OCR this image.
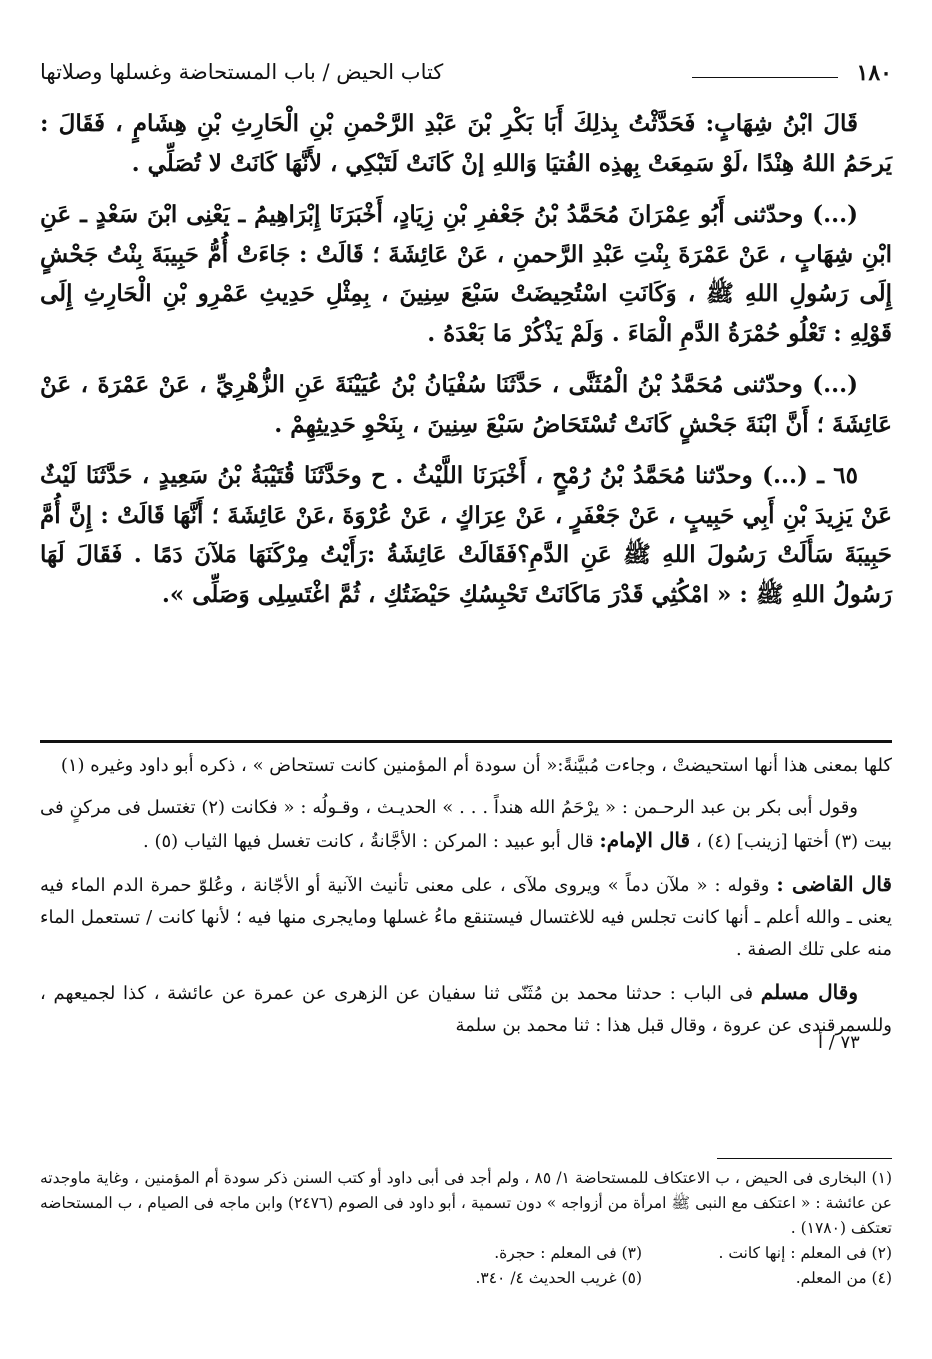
١٨٠
كتاب الحيض / باب المستحاضة وغسلها وصلاتها

قَالَ ابْنُ شِهَابٍ: فَحَدَّثْتُ بِذلِكَ أَبَا بَكْرِ بْنَ عَبْدِ الرَّحْمنِ بْنِ الْحَارِثِ بْنِ هِشَامٍ ، فَقَالَ : يَرحَمُ اللهُ هِنْدًا ،لَوْ سَمِعَتْ بِهذِه الفُتيَا وَاللهِ إنْ كَانَتْ لَتَبْكِي ، لأَنَّهَا كَانَتْ لا تُصَلِّي .

(...) وحدّثنى أَبُو عِمْرَانَ مُحَمَّدُ بْنُ جَعْفرِ بْنِ زِيَادٍ، أَخْبَرَنَا إِبْرَاهِيمُ ـ يَعْنِى ابْنَ سَعْدٍ ـ عَنِ ابْنِ شِهَابٍ ، عَنْ عَمْرَةَ بِنْتِ عَبْدِ الرَّحمنِ ، عَنْ عَائِشَةَ ؛ قَالَتْ : جَاءَتْ أُمُّ حَبِيبَةَ بِنْتُ جَحْشٍ إِلَى رَسُولِ اللهِ ﷺ ، وَكَانَتِ اسْتُحِيضَتْ سَبْعَ سِنِينَ ، بِمِثْلِ حَدِيثِ عَمْرِو بْنِ الْحَارِثِ إِلَى قَوْلِهِ : تَعْلُو حُمْرَةُ الدَّمِ الْمَاءَ . وَلَمْ يَذْكُرْ مَا بَعْدَهُ .

(...) وحدّثنى مُحَمَّدُ بْنُ الْمُثَنَّى ، حَدَّثَنَا سُفْيَانُ بْنُ عُيَيْنَةَ عَنِ الزُّهْرِيِّ ، عَنْ عَمْرَةَ ، عَنْ عَائِشَةَ ؛ أَنَّ ابْنَةَ جَحْشٍ كَانَتْ تُسْتَحَاضُ سَبْعَ سِنِينَ ، بِنَحْوِ حَدِيثِهِمْ .

٦٥ ـ (...) وحدّثنا مُحَمَّدُ بْنُ رُمْحٍ ، أَخْبَرَنَا اللَّيْثُ . ح وحَدَّثَنَا قُتَيْبَةُ بْنُ سَعِيدٍ ، حَدَّثَنَا لَيْثٌ عَنْ يَزِيدَ بْنِ أَبِي حَبِيبٍ ، عَنْ جَعْفَرٍ ، عَنْ عِرَاكٍ ، عَنْ عُرْوَةَ ،عَنْ عَائِشَةَ ؛ أَنَّهَا قَالَتْ : إِنَّ أُمَّ حَبِيبَةَ سَأَلَتْ رَسُولَ اللهِ ﷺ عَنِ الدَّمِ؟فَقَالَتْ عَائِشَةُ :رَأَيْتُ مِرْكَنَهَا مَلآنَ دَمًا . فَقَالَ لَهَا رَسُولُ اللهِ ﷺ : « امْكُثِي قَدْرَ مَاكَانَتْ تَحْبِسُكِ حَيْضَتُكِ ، ثُمَّ اغْتَسِلِى وَصَلِّى ».

كلها بمعنى هذا أنها استحيضتْ ، وجاءت مُبيَّنةً:« أن سودة أم المؤمنين كانت تستحاض » ، ذكره أبو داود وغيره (١)

وقول أبى بكر بن عبد الرحـمن : « يرْحَمُ الله هنداً . . . » الحديـث ، وقـولُه : « فكانت (٢) تغتسل فى مركنٍ فى بيت (٣) أختها [زينب] (٤) ، قال الإمام: قال أبو عبيد : المركن : الأجَّانةُ ، كانت تغسل فيها الثياب (٥) .

قال القاضى : وقوله : « ملآن دماً » ويروى ملآى ، على معنى تأنيث الآنية أو الأجّانة ، وعُلوّ حمرة الدم الماء فيه يعنى ـ والله أعلم ـ أنها كانت تجلس فيه للاغتسال فيستنقع ماءُ غسلها ومايجرى منها فيه ؛ لأنها كانت / تستعمل الماء منه على تلك الصفة .

وقال مسلم فى الباب : حدثنا محمد بن مُثَنّى ثنا سفيان عن الزهرى عن عمرة عن عائشة ، كذا لجميعهم ، وللسمرقندى عن عروة ، وقال قبل هذا : ثنا محمد بن سلمة

٧٣ / أ

(١) البخارى فى الحيض ، ب الاعتكاف للمستحاضة ١/ ٨٥ ، ولم أجد فى أبى داود أو كتب السنن ذكر سودة أم المؤمنين ، وغاية ماوجدته عن عائشة : « اعتكف مع النبى ﷺ امرأة من أزواجه » دون تسمية ، أبو داود فى الصوم (٢٤٧٦) وابن ماجه فى الصيام ، ب المستحاضه تعتكف (١٧٨٠) .

(٢) فى المعلم : إنها كانت .
(٣) فى المعلم : حجرة.
(٤) من المعلم.
(٥) غريب الحديث ٤/ ٣٤٠.
